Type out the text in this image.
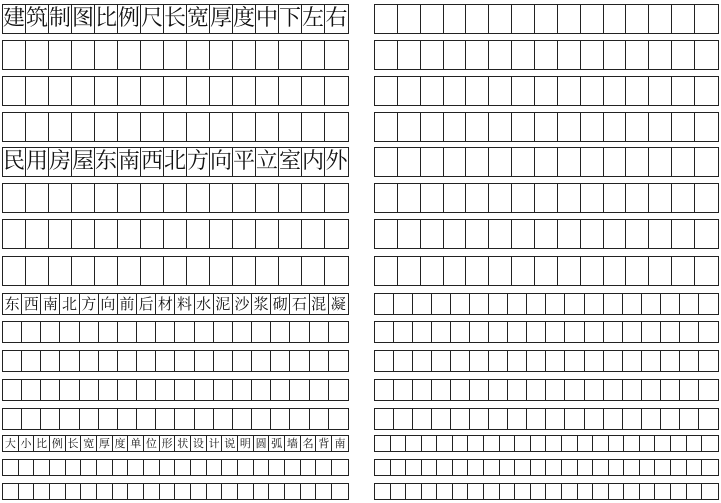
建 筑 制 图 比 例 尺 长 宽 厚 度 中 下 左 右
民 用 房 屋 东 南 西 北 方 向 平 立 室 内 外
东 西 南 北 方 向 前 后 材 料 水 泥 沙 浆 砌 石 混 凝
大 小 比 例 长 宽 厚 度 单 位 形 状 设 计 说 明 圆 弧 墙 名 背 南
